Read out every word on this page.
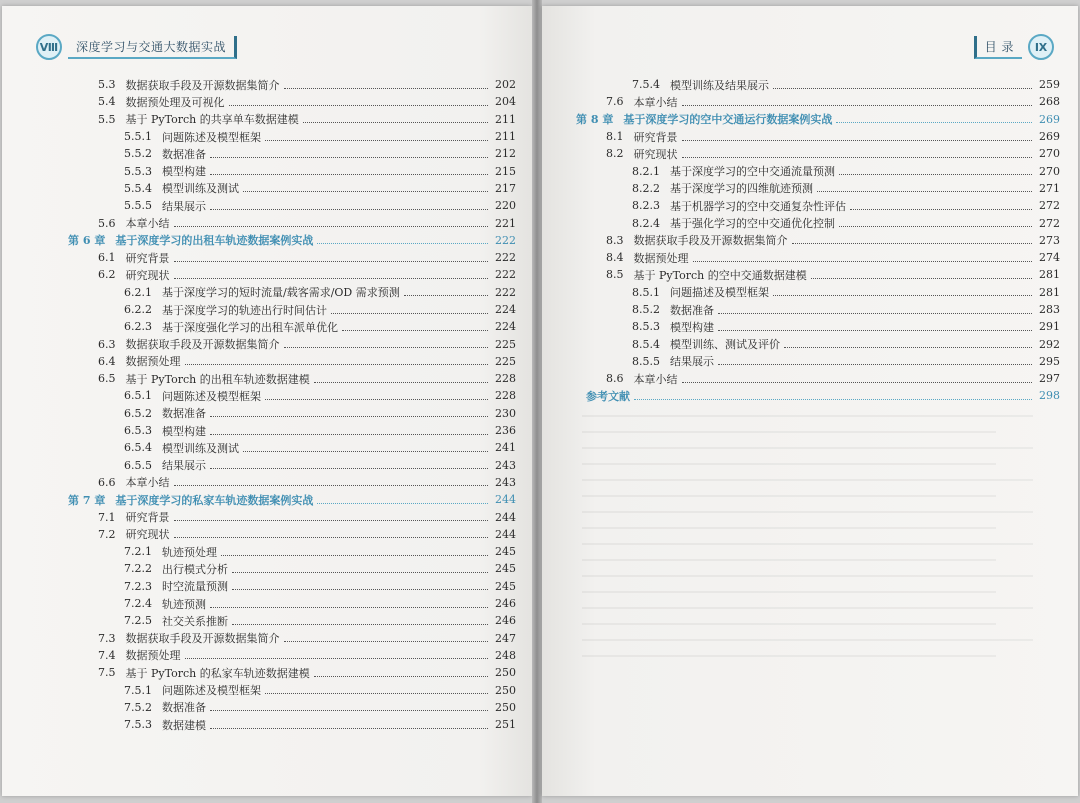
Ⅷ	深度学习与交通大数据实战
5.3 数据获取手段及开源数据集简介	202
5.4 数据预处理及可视化	204
5.5 基于 PyTorch 的共享单车数据建模	211
5.5.1 问题陈述及模型框架	211
5.5.2 数据准备	212
5.5.3 模型构建	215
5.5.4 模型训练及测试	217
5.5.5 结果展示	220
5.6 本章小结	221
第 6 章 基于深度学习的出租车轨迹数据案例实战	222
6.1 研究背景	222
6.2 研究现状	222
6.2.1 基于深度学习的短时流量/载客需求/OD 需求预测	222
6.2.2 基于深度学习的轨迹出行时间估计	224
6.2.3 基于深度强化学习的出租车派单优化	224
6.3 数据获取手段及开源数据集简介	225
6.4 数据预处理	225
6.5 基于 PyTorch 的出租车轨迹数据建模	228
6.5.1 问题陈述及模型框架	228
6.5.2 数据准备	230
6.5.3 模型构建	236
6.5.4 模型训练及测试	241
6.5.5 结果展示	243
6.6 本章小结	243
第 7 章 基于深度学习的私家车轨迹数据案例实战	244
7.1 研究背景	244
7.2 研究现状	244
7.2.1 轨迹预处理	245
7.2.2 出行模式分析	245
7.2.3 时空流量预测	245
7.2.4 轨迹预测	246
7.2.5 社交关系推断	246
7.3 数据获取手段及开源数据集简介	247
7.4 数据预处理	248
7.5 基于 PyTorch 的私家车轨迹数据建模	250
7.5.1 问题陈述及模型框架	250
7.5.2 数据准备	250
7.5.3 数据建模	251
目 录	Ⅸ
7.5.4 模型训练及结果展示	259
7.6 本章小结	268
第 8 章 基于深度学习的空中交通运行数据案例实战	269
8.1 研究背景	269
8.2 研究现状	270
8.2.1 基于深度学习的空中交通流量预测	270
8.2.2 基于深度学习的四维航迹预测	271
8.2.3 基于机器学习的空中交通复杂性评估	272
8.2.4 基于强化学习的空中交通优化控制	272
8.3 数据获取手段及开源数据集简介	273
8.4 数据预处理	274
8.5 基于 PyTorch 的空中交通数据建模	281
8.5.1 问题描述及模型框架	281
8.5.2 数据准备	283
8.5.3 模型构建	291
8.5.4 模型训练、测试及评价	292
8.5.5 结果展示	295
8.6 本章小结	297
参考文献	298
